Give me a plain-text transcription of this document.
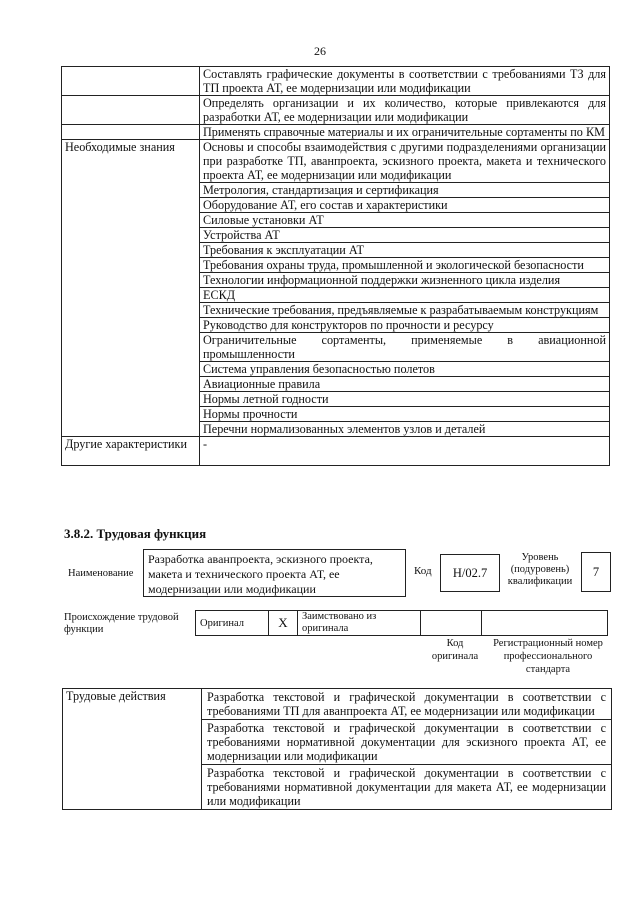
26
	Составлять графические документы в соответствии с требованиями ТЗ для ТП проекта АТ, ее модернизации или модификации
	Определять организации и их количество, которые привлекаются для разработки АТ, ее модернизации или модификации
	Применять справочные материалы и их ограничительные сортаменты по КМ
Необходимые знания	Основы и способы взаимодействия с другими подразделениями организации при разработке ТП, аванпроекта, эскизного проекта, макета и технического проекта АТ, ее модернизации или модификации
	Метрология, стандартизация и сертификация
	Оборудование АТ, его состав и характеристики
	Силовые установки АТ
	Устройства АТ
	Требования к эксплуатации АТ
	Требования охраны труда, промышленной и экологической безопасности
	Технологии информационной поддержки жизненного цикла изделия
	ЕСКД
	Технические требования, предъявляемые к разрабатываемым конструкциям
	Руководство для конструкторов по прочности и ресурсу
	Ограничительные сортаменты, применяемые в авиационной промышленности
	Система управления безопасностью полетов
	Авиационные правила
	Нормы летной годности
	Нормы прочности
	Перечни нормализованных элементов узлов и деталей
Другие характеристики	-
3.8.2. Трудовая функция
Наименование
Разработка аванпроекта, эскизного проекта, макета и технического проекта АТ, ее модернизации или модификации
Код	Н/02.7
Уровень (подуровень) квалификации
7
Происхождение трудовой функции
Оригинал	X	Заимствовано из оригинала		
Код оригинала
Регистрационный номер профессионального стандарта
Трудовые действия	Разработка текстовой и графической документации в соответствии с требованиями ТП для аванпроекта АТ, ее модернизации или модификации
Разработка текстовой и графической документации в соответствии с требованиями нормативной документации для эскизного проекта АТ, ее модернизации или модификации
Разработка текстовой и графической документации в соответствии с требованиями нормативной документации для макета АТ, ее модернизации или модификации
